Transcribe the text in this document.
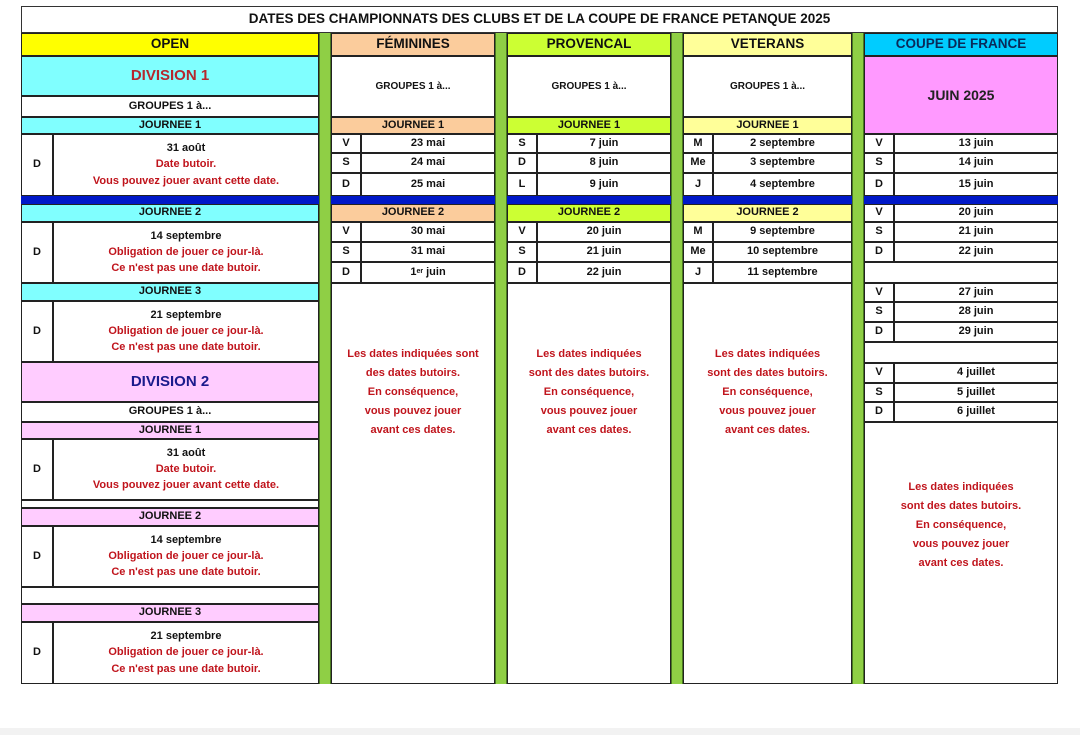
DATES DES CHAMPIONNATS DES CLUBS ET DE LA COUPE DE FRANCE PETANQUE 2025
OPEN	FÉMININES	PROVENCAL	VETERANS	COUPE DE FRANCE
DIVISION 1
GROUPES 1 à...
JOURNEE 1
D
31 août
Date butoir.
Vous pouvez jouer avant cette date.
JOURNEE 2
D
14 septembre
Obligation de jouer ce jour-là.
Ce n'est pas une date butoir.
JOURNEE 3
D
21 septembre
Obligation de jouer ce jour-là.
Ce n'est pas une date butoir.
DIVISION 2
GROUPES 1 à...
JOURNEE 1
D
31 août
Date butoir.
Vous pouvez jouer avant cette date.
JOURNEE 2
D
14 septembre
Obligation de jouer ce jour-là.
Ce n'est pas une date butoir.
JOURNEE 3
D
21 septembre
Obligation de jouer ce jour-là.
Ce n'est pas une date butoir.
GROUPES 1 à...
JOURNEE 1
V	23 mai
S	24 mai
D	25 mai
JOURNEE 2
V	30 mai
S	31 mai
D	1 er juin
Les dates indiquées sont
des dates butoirs.
En conséquence,
vous pouvez jouer
avant ces dates.
GROUPES 1 à...
JOURNEE 1
S	7 juin
D	8 juin
L	9 juin
JOURNEE 2
V	20 juin
S	21 juin
D	22 juin
Les dates indiquées
sont des dates butoirs.
En conséquence,
vous pouvez jouer
avant ces dates.
GROUPES 1 à...
JOURNEE 1
M	2 septembre
Me	3 septembre
J	4 septembre
JOURNEE 2
M	9 septembre
Me	10 septembre
J	11 septembre
Les dates indiquées
sont des dates butoirs.
En conséquence,
vous pouvez jouer
avant ces dates.
JUIN 2025
V	13 juin
S	14 juin
D	15 juin
V	20 juin
S	21 juin
D	22 juin
V	27 juin
S	28 juin
D	29 juin
V	4 juillet
S	5 juillet
D	6 juillet
Les dates indiquées
sont des dates butoirs.
En conséquence,
vous pouvez jouer
avant ces dates.
